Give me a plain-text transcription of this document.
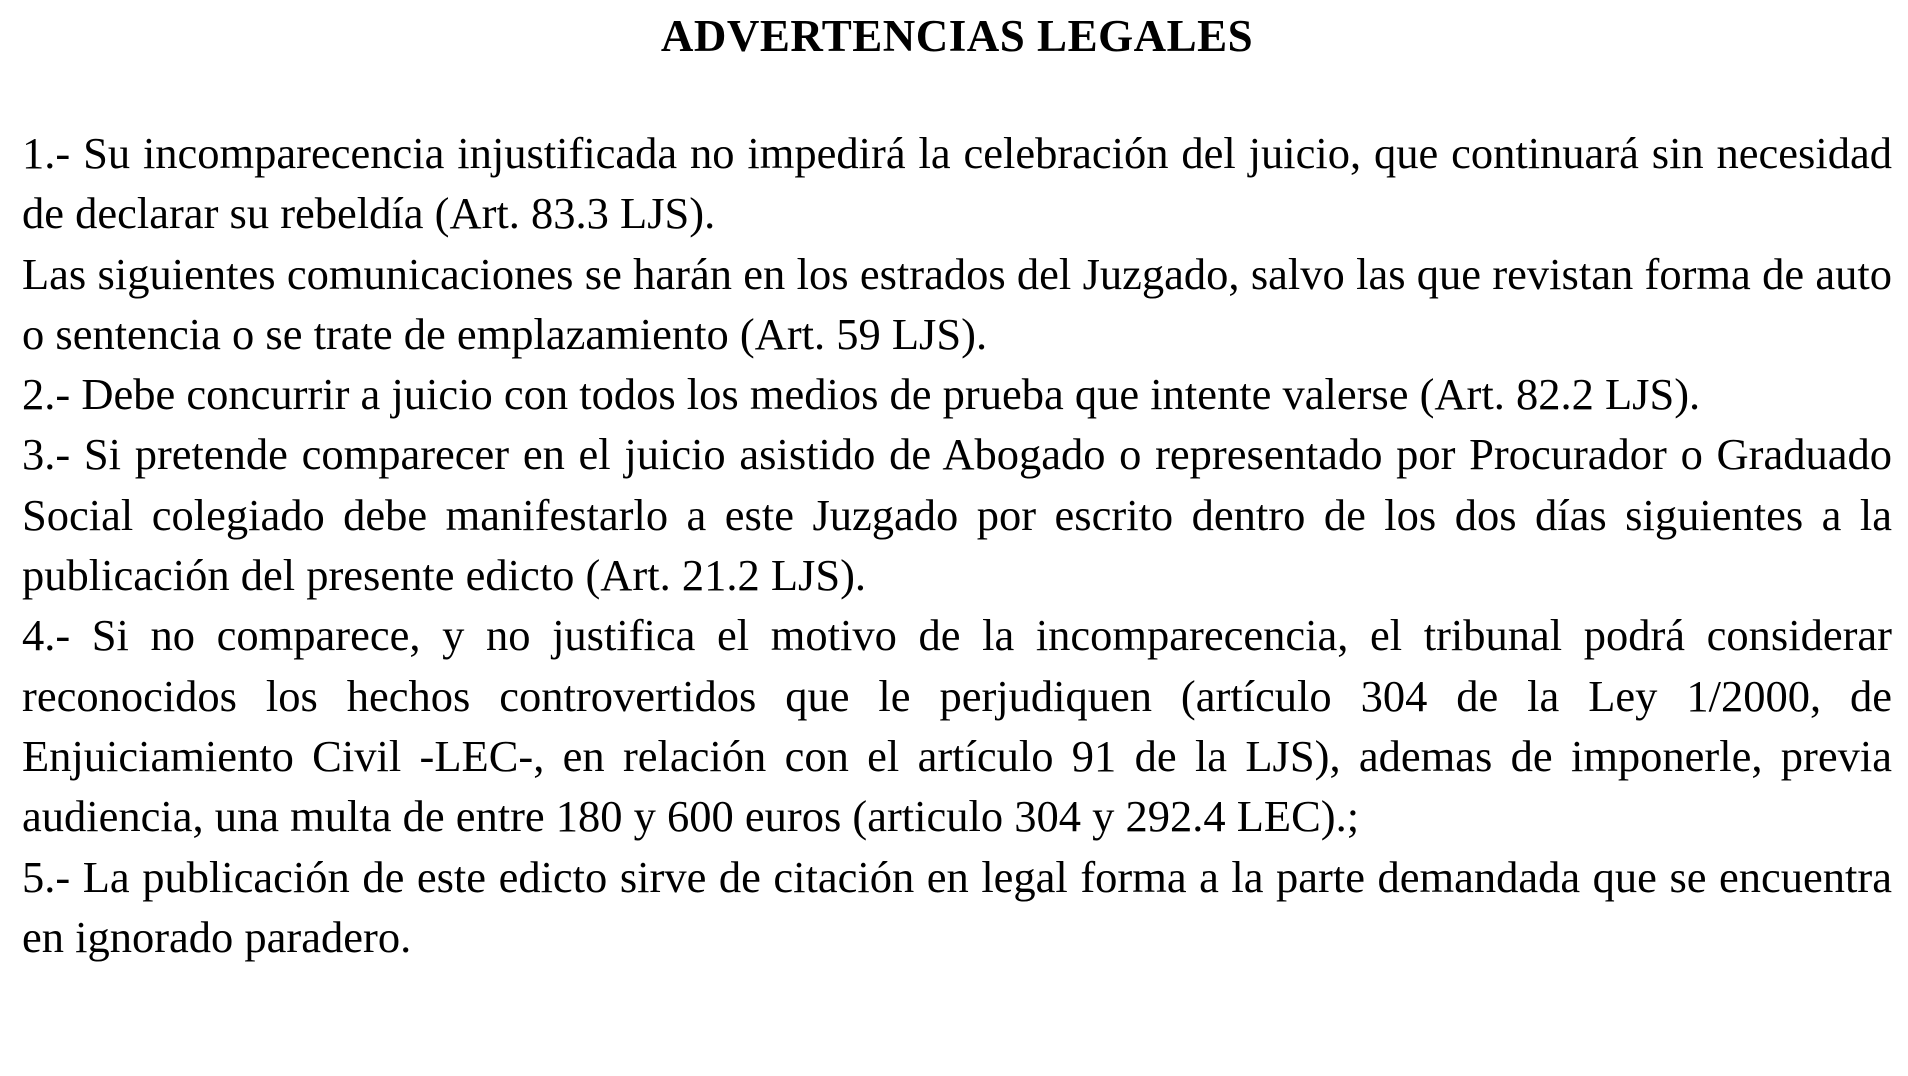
ADVERTENCIAS LEGALES

1.- Su incomparecencia injustificada no impedirá la celebración del juicio, que continuará sin necesidad de declarar su rebeldía (Art. 83.3 LJS).

Las siguientes comunicaciones se harán en los estrados del Juzgado, salvo las que revistan forma de auto o sentencia o se trate de emplazamiento (Art. 59 LJS).

2.- Debe concurrir a juicio con todos los medios de prueba que intente valerse (Art. 82.2 LJS).

3.- Si pretende comparecer en el juicio asistido de Abogado o representado por Procurador o Graduado Social colegiado debe manifestarlo a este Juzgado por escrito dentro de los dos días siguientes a la publicación del presente edicto (Art. 21.2 LJS).

4.- Si no comparece, y no justifica el motivo de la incomparecencia, el tribunal podrá considerar reconocidos los hechos controvertidos que le perjudiquen (artículo 304 de la Ley 1/2000, de Enjuiciamiento Civil -LEC-, en relación con el artículo 91 de la LJS), ademas de imponerle, previa audiencia, una multa de entre 180 y 600 euros (articulo 304 y 292.4 LEC).;

5.- La publicación de este edicto sirve de citación en legal forma a la parte demandada que se encuentra en ignorado paradero.
